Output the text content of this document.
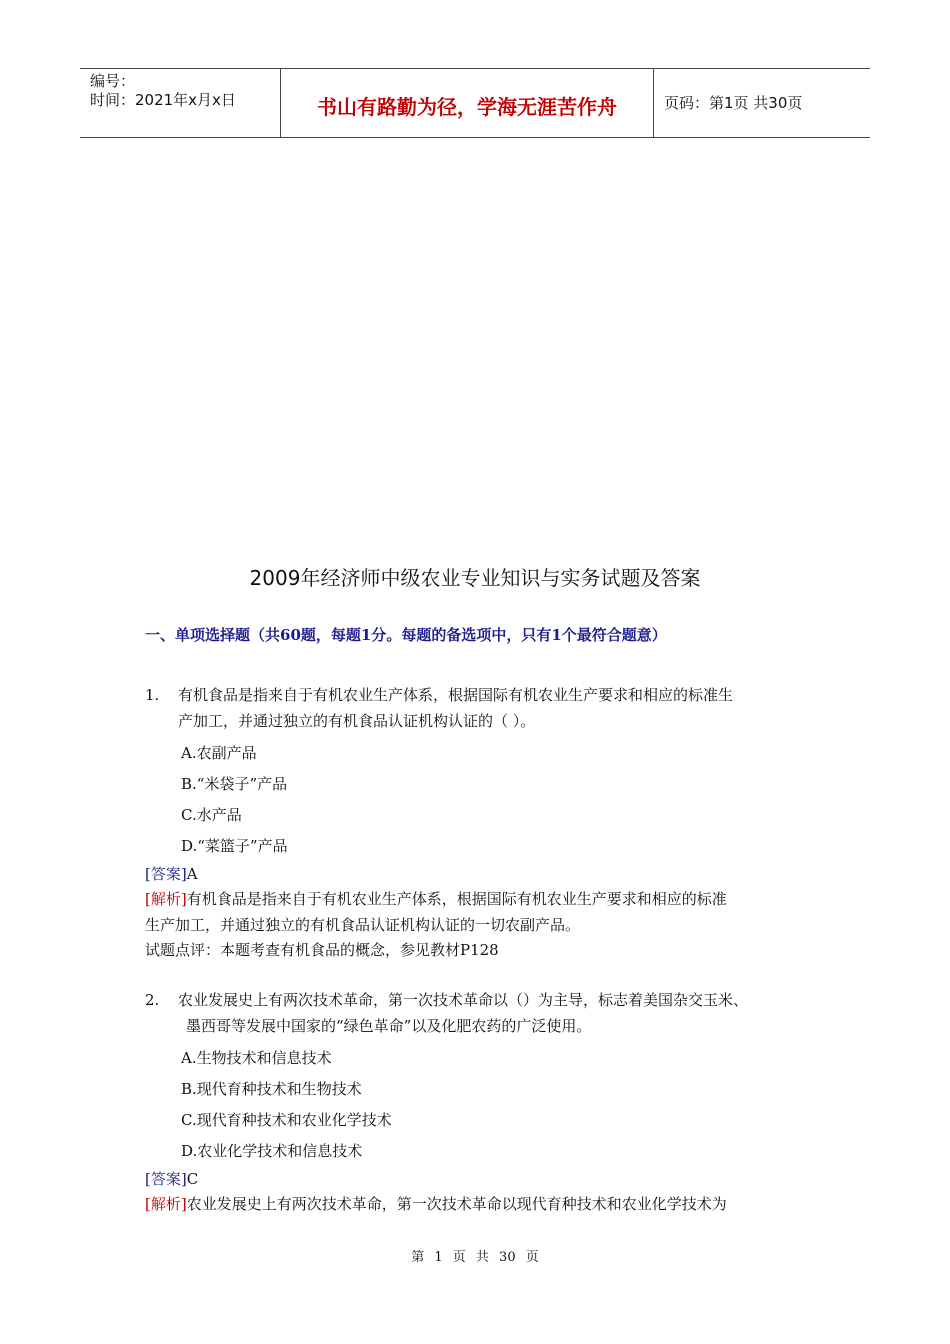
编号：
时间：2021年x月x日	书山有路勤为径，学海无涯苦作舟	页码：第1页 共30页
2009年经济师中级农业专业知识与实务试题及答案
一、单项选择题（共60题，每题1分。每题的备选项中，只有1个最符合题意）
1. 有机食品是指来自于有机农业生产体系，根据国际有机农业生产要求和相应的标准生
产加工，并通过独立的有机食品认证机构认证的（ ）。
A.农副产品
B.“米袋子”产品
C.水产品
D.“菜篮子”产品
[答案]A
[解析]有机食品是指来自于有机农业生产体系，根据国际有机农业生产要求和相应的标准
生产加工，并通过独立的有机食品认证机构认证的一切农副产品。
试题点评：本题考查有机食品的概念，参见教材P128
2. 农业发展史上有两次技术革命，第一次技术革命以（）为主导，标志着美国杂交玉米、
墨西哥等发展中国家的“绿色革命”以及化肥农药的广泛使用。
A.生物技术和信息技术
B.现代育种技术和生物技术
C.现代育种技术和农业化学技术
D.农业化学技术和信息技术
[答案]C
[解析]农业发展史上有两次技术革命，第一次技术革命以现代育种技术和农业化学技术为
第 1 页 共 30 页
